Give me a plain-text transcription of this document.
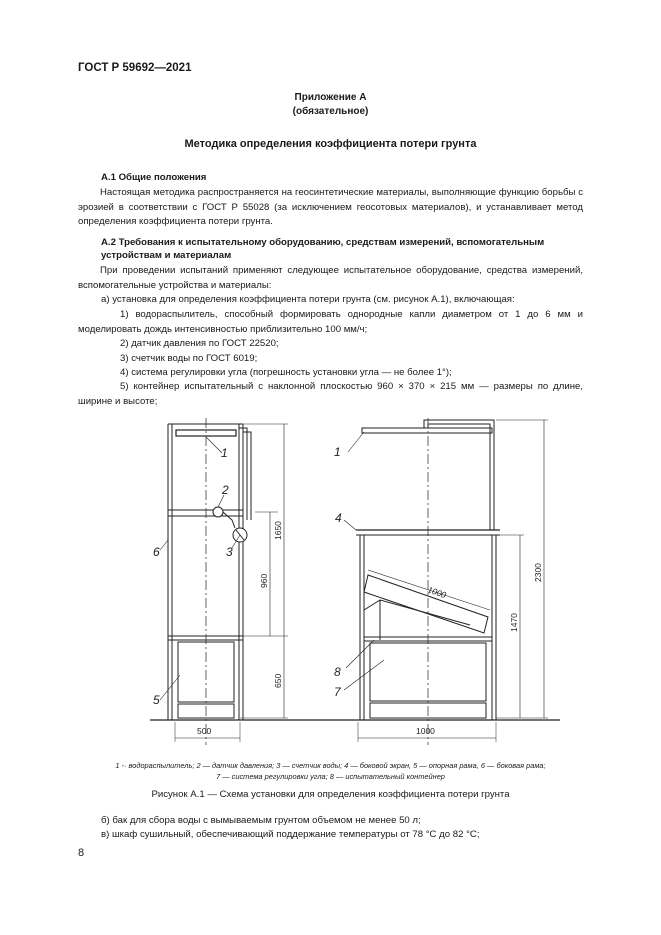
ГОСТ Р 59692—2021
Приложение А
(обязательное)
Методика определения коэффициента потери грунта
А.1 Общие положения
Настоящая методика распространяется на геосинтетические материалы, выполняющие функцию борьбы с эрозией в соответствии с ГОСТ Р 55028 (за исключением геосотовых материалов), и устанавливает метод определения коэффициента потери грунта.
А.2 Требования к испытательному оборудованию, средствам измерений, вспомогательным устройствам и материалам
При проведении испытаний применяют следующее испытательное оборудование, средства измерений, вспомогательные устройства и материалы:
а) установка для определения коэффициента потери грунта (см. рисунок А.1), включающая:
1) водораспылитель, способный формировать однородные капли диаметром от 1 до 6 мм и моделировать дождь интенсивностью приблизительно 100 мм/ч;
2) датчик давления по ГОСТ 22520;
3) счетчик воды по ГОСТ 6019;
4) система регулировки угла (погрешность установки угла — не более 1°);
5) контейнер испытательный с наклонной плоскостью 960 × 370 × 215 мм — размеры по длине, ширине и высоте;
1
2
3
5
6
1
4
8
7
1650
960
650
500
2300
1470
1000
1000
1 -· водораспылитель; 2 — датчик давления; 3 — счетчик воды; 4 — боковой экран, 5 — опорная рама, 6 — боковая рама;
7 — система регулировки угла; 8 — испытательный контейнер
Рисунок А.1 — Схема установки для определения коэффициента потери грунта
б) бак для сбора воды с вымываемым грунтом объемом не менее 50 л;
в) шкаф сушильный, обеспечивающий поддержание температуры от 78 °C до 82 °C;
8
